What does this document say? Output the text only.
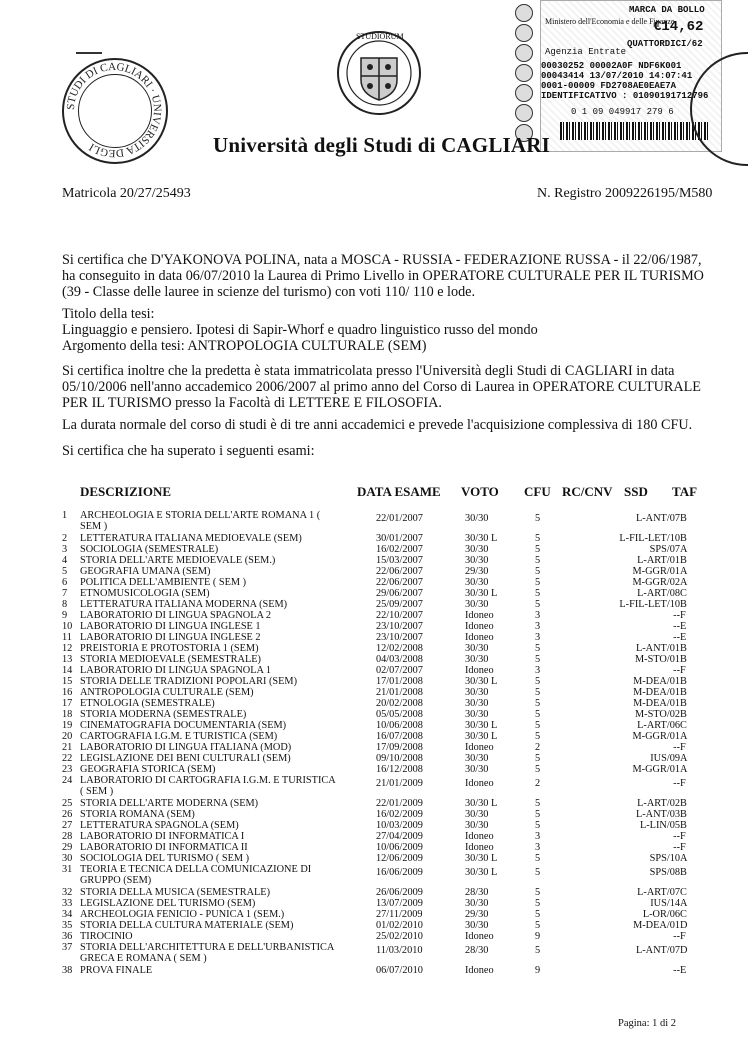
STUDI DI CAGLIARI · UNIVERSITA DEGLI
STUDIORUM
Ministero dell'Economia e delle Finanze
MARCA DA BOLLO
€14,62
QUATTORDICI/62
Agenzia Entrate
00030252 00002A0F NDF6K001
00043414 13/07/2010 14:07:41
0001-00009 FD2708AE0EAE7A
IDENTIFICATIVO : 01090191712796
0 1 09 049917 279 6
Università degli Studi di CAGLIARI
Matricola 20/27/25493	N. Registro 2009226195/M580
Si certifica che D'YAKONOVA POLINA, nata a MOSCA - RUSSIA - FEDERAZIONE RUSSA - il 22/06/1987,
ha conseguito in data 06/07/2010 la Laurea di Primo Livello in OPERATORE CULTURALE PER IL TURISMO
(39 - Classe delle lauree in scienze del turismo) con voti 110/ 110 e lode.
Titolo della tesi:
Linguaggio e pensiero. Ipotesi di Sapir-Whorf e quadro linguistico russo del mondo
Argomento della tesi: ANTROPOLOGIA CULTURALE (SEM)
Si certifica inoltre che la predetta è stata immatricolata presso l'Università degli Studi di CAGLIARI in data
05/10/2006 nell'anno accademico 2006/2007 al primo anno del Corso di Laurea in OPERATORE CULTURALE
PER IL TURISMO presso la Facoltà di LETTERE E FILOSOFIA.
La durata normale del corso di studi è di tre anni accademici e prevede l'acquisizione complessiva di 180 CFU.
Si certifica che ha superato i seguenti esami:
DESCRIZIONE	DATA ESAME VOTO CFU RC/CNV SSD TAF
1 ARCHEOLOGIA E STORIA DELL'ARTE ROMANA 1 (	22/01/2007	30/30	5	L-ANT/07 B
SEM )
2 LETTERATURA ITALIANA MEDIOEVALE (SEM)	30/01/2007	30/30 L	5	L-FIL-LET/10 B
3 SOCIOLOGIA (SEMESTRALE)	16/02/2007	30/30	5	SPS/07 A
4 STORIA DELL'ARTE MEDIOEVALE (SEM.)	15/03/2007	30/30	5	L-ART/01 B
5 GEOGRAFIA UMANA (SEM)	22/06/2007	29/30	5	M-GGR/01 A
6 POLITICA DELL'AMBIENTE ( SEM )	22/06/2007	30/30	5	M-GGR/02 A
7 ETNOMUSICOLOGIA (SEM)	29/06/2007	30/30 L	5	L-ART/08 C
8 LETTERATURA ITALIANA MODERNA (SEM)	25/09/2007	30/30	5	L-FIL-LET/10 B
9 LABORATORIO DI LINGUA SPAGNOLA 2	22/10/2007	Idoneo	3	-- F
10 LABORATORIO DI LINGUA INGLESE 1	23/10/2007	Idoneo	3	-- E
11 LABORATORIO DI LINGUA INGLESE 2	23/10/2007	Idoneo	3	-- E
12 PREISTORIA E PROTOSTORIA 1 (SEM)	12/02/2008	30/30	5	L-ANT/01 B
13 STORIA MEDIOEVALE (SEMESTRALE)	04/03/2008	30/30	5	M-STO/01 B
14 LABORATORIO DI LINGUA SPAGNOLA 1	02/07/2007	Idoneo	3	-- F
15 STORIA DELLE TRADIZIONI POPOLARI (SEM)	17/01/2008	30/30 L	5	M-DEA/01 B
16 ANTROPOLOGIA CULTURALE (SEM)	21/01/2008	30/30	5	M-DEA/01 B
17 ETNOLOGIA (SEMESTRALE)	20/02/2008	30/30	5	M-DEA/01 B
18 STORIA MODERNA (SEMESTRALE)	05/05/2008	30/30	5	M-STO/02 B
19 CINEMATOGRAFIA DOCUMENTARIA (SEM)	10/06/2008	30/30 L	5	L-ART/06 C
20 CARTOGRAFIA I.G.M. E TURISTICA (SEM)	16/07/2008	30/30 L	5	M-GGR/01 A
21 LABORATORIO DI LINGUA ITALIANA (MOD)	17/09/2008	Idoneo	2	-- F
22 LEGISLAZIONE DEI BENI CULTURALI (SEM)	09/10/2008	30/30	5	IUS/09 A
23 GEOGRAFIA STORICA (SEM)	16/12/2008	30/30	5	M-GGR/01 A
24 LABORATORIO DI CARTOGRAFIA I.G.M. E TURISTICA	21/01/2009	Idoneo	2	-- F
( SEM )
25 STORIA DELL'ARTE MODERNA (SEM)	22/01/2009	30/30 L	5	L-ART/02 B
26 STORIA ROMANA (SEM)	16/02/2009	30/30	5	L-ANT/03 B
27 LETTERATURA SPAGNOLA (SEM)	10/03/2009	30/30	5	L-LIN/05 B
28 LABORATORIO DI INFORMATICA I	27/04/2009	Idoneo	3	-- F
29 LABORATORIO DI INFORMATICA II	10/06/2009	Idoneo	3	-- F
30 SOCIOLOGIA DEL TURISMO ( SEM )	12/06/2009	30/30 L	5	SPS/10 A
31 TEORIA E TECNICA DELLA COMUNICAZIONE DI	16/06/2009	30/30 L	5	SPS/08 B
GRUPPO (SEM)
32 STORIA DELLA MUSICA (SEMESTRALE)	26/06/2009	28/30	5	L-ART/07 C
33 LEGISLAZIONE DEL TURISMO (SEM)	13/07/2009	30/30	5	IUS/14 A
34 ARCHEOLOGIA FENICIO - PUNICA 1 (SEM.)	27/11/2009	29/30	5	L-OR/06 C
35 STORIA DELLA CULTURA MATERIALE (SEM)	01/02/2010	30/30	5	M-DEA/01 D
36 TIROCINIO	25/02/2010	Idoneo	9	-- F
37 STORIA DELL'ARCHITETTURA E DELL'URBANISTICA	11/03/2010	28/30	5	L-ANT/07 D
GRECA E ROMANA ( SEM )
38 PROVA FINALE	06/07/2010	Idoneo	9	-- E
Pagina: 1 di 2
